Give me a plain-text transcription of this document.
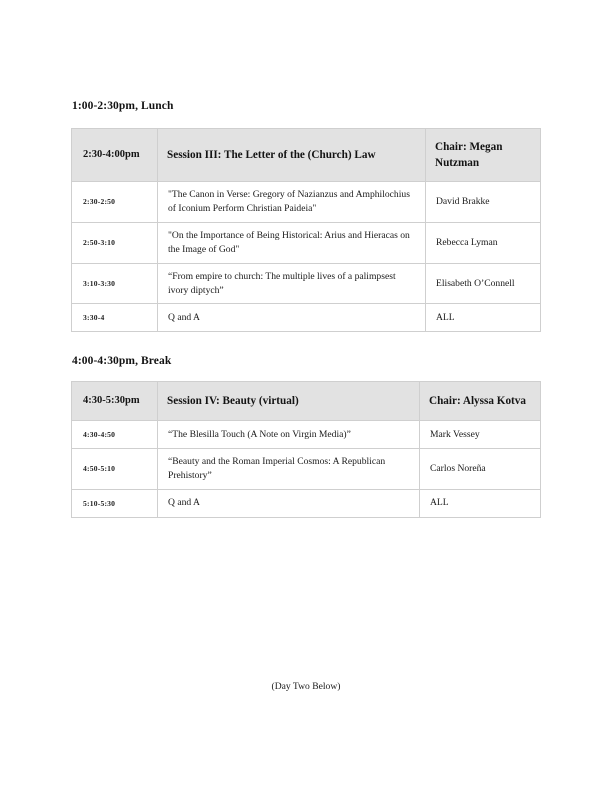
1:00-2:30pm, Lunch
2:30-4:00pm	Session III: The Letter of the (Church) Law	Chair: Megan Nutzman
2:30-2:50	"The Canon in Verse: Gregory of Nazianzus and Amphilochius of Iconium Perform Christian Paideia"	David Brakke
2:50-3:10	"On the Importance of Being Historical: Arius and Hieracas on the Image of God"	Rebecca Lyman
3:10-3:30	“From empire to church: The multiple lives of a palimpsest ivory diptych”	Elisabeth O’Connell
3:30-4	Q and A	ALL
4:00-4:30pm, Break
4:30-5:30pm	Session IV: Beauty (virtual)	Chair: Alyssa Kotva
4:30-4:50	“The Blesilla Touch (A Note on Virgin Media)”	Mark Vessey
4:50-5:10	“Beauty and the Roman Imperial Cosmos: A Republican Prehistory”	Carlos Noreña
5:10-5:30	Q and A	ALL
(Day Two Below)
